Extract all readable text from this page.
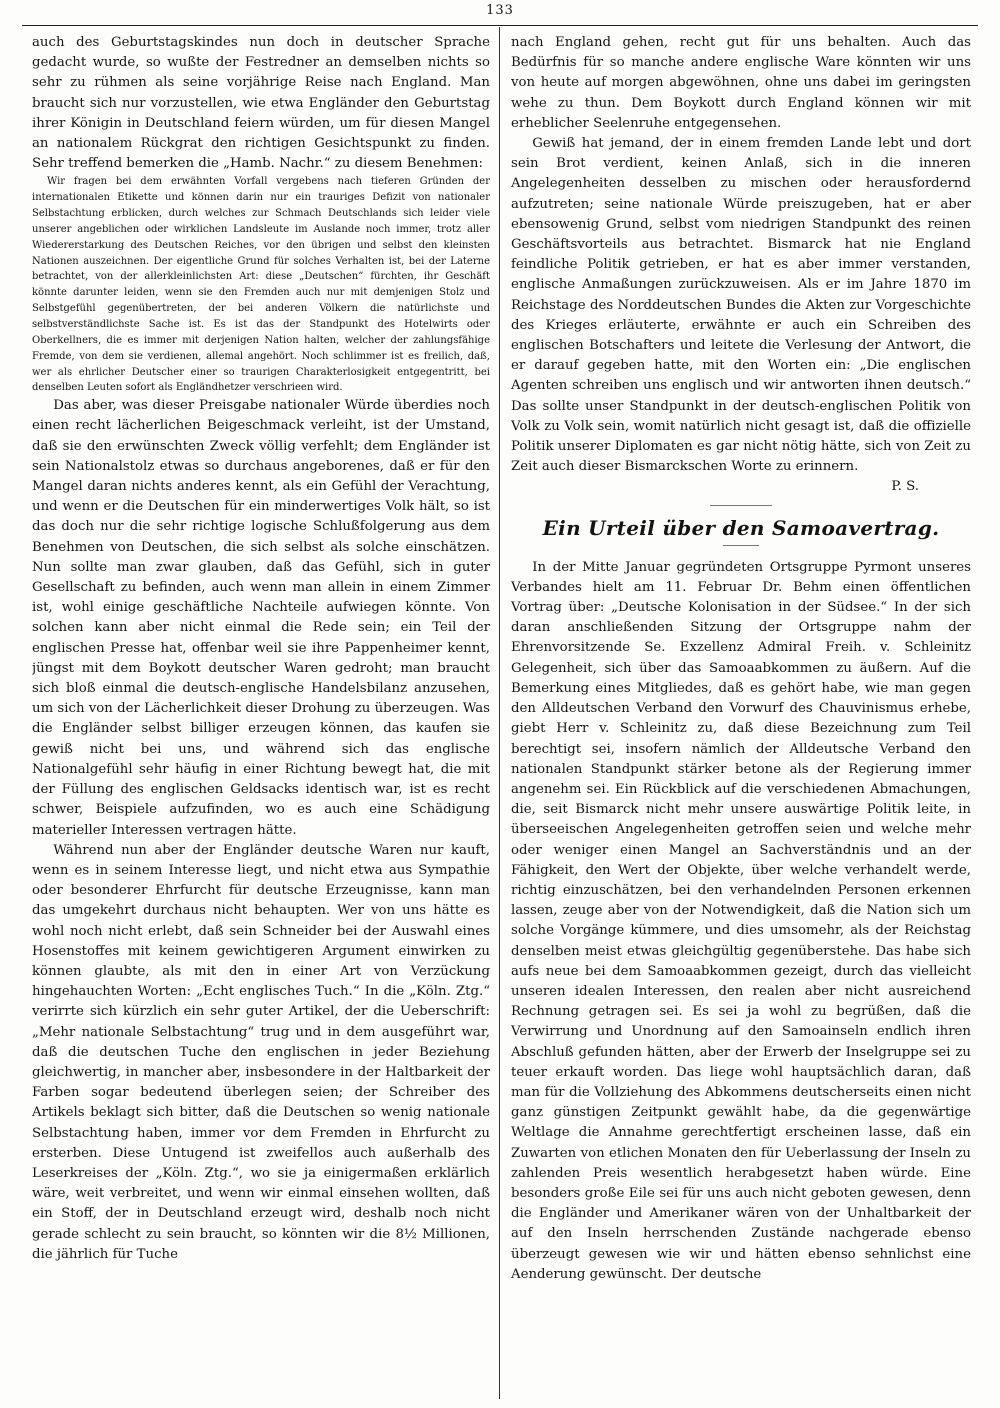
133

auch des Geburtstagskindes nun doch in deutscher Sprache gedacht wurde, so wußte der Festredner an demselben nichts so sehr zu rühmen als seine vorjährige Reise nach England. Man braucht sich nur vorzustellen, wie etwa Engländer den Geburtstag ihrer Königin in Deutschland feiern würden, um für diesen Mangel an nationalem Rückgrat den richtigen Gesichtspunkt zu finden. Sehr treffend bemerken die „Hamb. Nachr.“ zu diesem Benehmen:

Wir fragen bei dem erwähnten Vorfall vergebens nach tieferen Gründen der internationalen Etikette und können darin nur ein trauriges Defizit von nationaler Selbstachtung erblicken, durch welches zur Schmach Deutschlands sich leider viele unserer angeblichen oder wirklichen Landsleute im Auslande noch immer, trotz aller Wiedererstarkung des Deutschen Reiches, vor den übrigen und selbst den kleinsten Nationen auszeichnen. Der eigentliche Grund für solches Verhalten ist, bei der Laterne betrachtet, von der allerkleinlichsten Art: diese „Deutschen“ fürchten, ihr Geschäft könnte darunter leiden, wenn sie den Fremden auch nur mit demjenigen Stolz und Selbstgefühl gegenübertreten, der bei anderen Völkern die natürlichste und selbstverständlichste Sache ist. Es ist das der Standpunkt des Hotelwirts oder Oberkellners, die es immer mit derjenigen Nation halten, welcher der zahlungsfähige Fremde, von dem sie verdienen, allemal angehört. Noch schlimmer ist es freilich, daß, wer als ehrlicher Deutscher einer so traurigen Charakterlosigkeit entgegentritt, bei denselben Leuten sofort als Engländhetzer verschrieen wird.

Das aber, was dieser Preisgabe nationaler Würde überdies noch einen recht lächerlichen Beigeschmack verleiht, ist der Umstand, daß sie den erwünschten Zweck völlig verfehlt; dem Engländer ist sein Nationalstolz etwas so durchaus angeborenes, daß er für den Mangel daran nichts anderes kennt, als ein Gefühl der Verachtung, und wenn er die Deutschen für ein minderwertiges Volk hält, so ist das doch nur die sehr richtige logische Schlußfolgerung aus dem Benehmen von Deutschen, die sich selbst als solche einschätzen. Nun sollte man zwar glauben, daß das Gefühl, sich in guter Gesellschaft zu befinden, auch wenn man allein in einem Zimmer ist, wohl einige geschäftliche Nachteile aufwiegen könnte. Von solchen kann aber nicht einmal die Rede sein; ein Teil der englischen Presse hat, offenbar weil sie ihre Pappenheimer kennt, jüngst mit dem Boykott deutscher Waren gedroht; man braucht sich bloß einmal die deutsch-englische Handelsbilanz anzusehen, um sich von der Lächerlichkeit dieser Drohung zu überzeugen. Was die Engländer selbst billiger erzeugen können, das kaufen sie gewiß nicht bei uns, und während sich das englische Nationalgefühl sehr häufig in einer Richtung bewegt hat, die mit der Füllung des englischen Geldsacks identisch war, ist es recht schwer, Beispiele aufzufinden, wo es auch eine Schädigung materieller Interessen vertragen hätte.

Während nun aber der Engländer deutsche Waren nur kauft, wenn es in seinem Interesse liegt, und nicht etwa aus Sympathie oder besonderer Ehrfurcht für deutsche Erzeugnisse, kann man das umgekehrt durchaus nicht behaupten. Wer von uns hätte es wohl noch nicht erlebt, daß sein Schneider bei der Auswahl eines Hosenstoffes mit keinem gewichtigeren Argument einwirken zu können glaubte, als mit den in einer Art von Verzückung hingehauchten Worten: „Echt englisches Tuch.“ In die „Köln. Ztg.“ verirrte sich kürzlich ein sehr guter Artikel, der die Ueberschrift: „Mehr nationale Selbstachtung“ trug und in dem ausgeführt war, daß die deutschen Tuche den englischen in jeder Beziehung gleichwertig, in mancher aber, insbesondere in der Haltbarkeit der Farben sogar bedeutend überlegen seien; der Schreiber des Artikels beklagt sich bitter, daß die Deutschen so wenig nationale Selbstachtung haben, immer vor dem Fremden in Ehrfurcht zu ersterben. Diese Untugend ist zweifellos auch außerhalb des Leserkreises der „Köln. Ztg.“, wo sie ja einigermaßen erklärlich wäre, weit verbreitet, und wenn wir einmal einsehen wollten, daß ein Stoff, der in Deutschland erzeugt wird, deshalb noch nicht gerade schlecht zu sein braucht, so könnten wir die 8½ Millionen, die jährlich für Tuche

nach England gehen, recht gut für uns behalten. Auch das Bedürfnis für so manche andere englische Ware könnten wir uns von heute auf morgen abgewöhnen, ohne uns dabei im geringsten wehe zu thun. Dem Boykott durch England können wir mit erheblicher Seelenruhe entgegensehen.

Gewiß hat jemand, der in einem fremden Lande lebt und dort sein Brot verdient, keinen Anlaß, sich in die inneren Angelegenheiten desselben zu mischen oder herausfordernd aufzutreten; seine nationale Würde preiszugeben, hat er aber ebensowenig Grund, selbst vom niedrigen Standpunkt des reinen Geschäftsvorteils aus betrachtet. Bismarck hat nie England feindliche Politik getrieben, er hat es aber immer verstanden, englische Anmaßungen zurückzuweisen. Als er im Jahre 1870 im Reichstage des Norddeutschen Bundes die Akten zur Vorgeschichte des Krieges erläuterte, erwähnte er auch ein Schreiben des englischen Botschafters und leitete die Verlesung der Antwort, die er darauf gegeben hatte, mit den Worten ein: „Die englischen Agenten schreiben uns englisch und wir antworten ihnen deutsch.“ Das sollte unser Standpunkt in der deutsch-englischen Politik von Volk zu Volk sein, womit natürlich nicht gesagt ist, daß die offizielle Politik unserer Diplomaten es gar nicht nötig hätte, sich von Zeit zu Zeit auch dieser Bismarckschen Worte zu erinnern.

P. S.

Ein Urteil über den Samoavertrag.

In der Mitte Januar gegründeten Ortsgruppe Pyrmont unseres Verbandes hielt am 11. Februar Dr. Behm einen öffentlichen Vortrag über: „Deutsche Kolonisation in der Südsee.“ In der sich daran anschließenden Sitzung der Ortsgruppe nahm der Ehrenvorsitzende Se. Exzellenz Admiral Freih. v. Schleinitz Gelegenheit, sich über das Samoaabkommen zu äußern. Auf die Bemerkung eines Mitgliedes, daß es gehört habe, wie man gegen den Alldeutschen Verband den Vorwurf des Chauvinismus erhebe, giebt Herr v. Schleinitz zu, daß diese Bezeichnung zum Teil berechtigt sei, insofern nämlich der Alldeutsche Verband den nationalen Standpunkt stärker betone als der Regierung immer angenehm sei. Ein Rückblick auf die verschiedenen Abmachungen, die, seit Bismarck nicht mehr unsere auswärtige Politik leite, in überseeischen Angelegenheiten getroffen seien und welche mehr oder weniger einen Mangel an Sachverständnis und an der Fähigkeit, den Wert der Objekte, über welche verhandelt werde, richtig einzuschätzen, bei den verhandelnden Personen erkennen lassen, zeuge aber von der Notwendigkeit, daß die Nation sich um solche Vorgänge kümmere, und dies umsomehr, als der Reichstag denselben meist etwas gleichgültig gegenüberstehe. Das habe sich aufs neue bei dem Samoaabkommen gezeigt, durch das vielleicht unseren idealen Interessen, den realen aber nicht ausreichend Rechnung getragen sei. Es sei ja wohl zu begrüßen, daß die Verwirrung und Unordnung auf den Samoainseln endlich ihren Abschluß gefunden hätten, aber der Erwerb der Inselgruppe sei zu teuer erkauft worden. Das liege wohl hauptsächlich daran, daß man für die Vollziehung des Abkommens deutscherseits einen nicht ganz günstigen Zeitpunkt gewählt habe, da die gegenwärtige Weltlage die Annahme gerechtfertigt erscheinen lasse, daß ein Zuwarten von etlichen Monaten den für Ueberlassung der Inseln zu zahlenden Preis wesentlich herabgesetzt haben würde. Eine besonders große Eile sei für uns auch nicht geboten gewesen, denn die Engländer und Amerikaner wären von der Unhaltbarkeit der auf den Inseln herrschenden Zustände nachgerade ebenso überzeugt gewesen wie wir und hätten ebenso sehnlichst eine Aenderung gewünscht. Der deutsche
